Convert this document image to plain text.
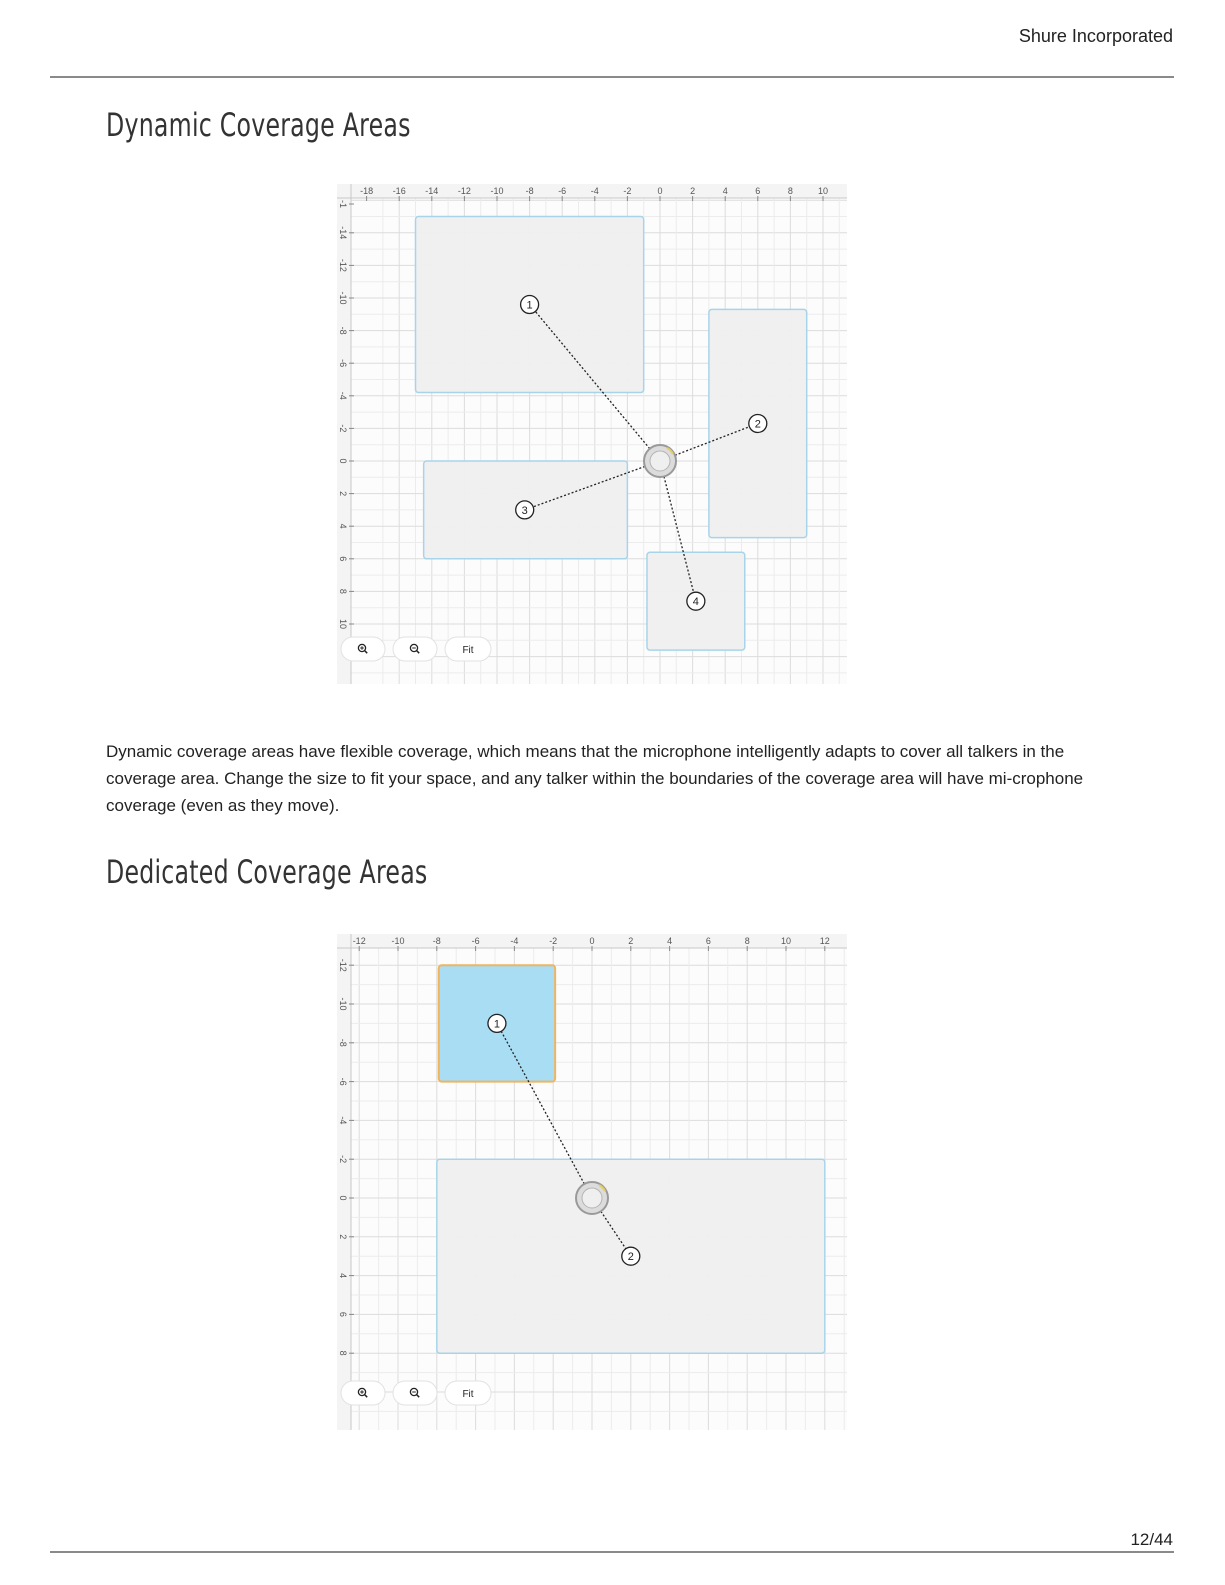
Shure Incorporated
Dynamic Coverage Areas
-18 -16 -14 -12 -10 -8	-6	-4	-2	0	2	4	6	8	10
-1
-14
-12
-10
-8
-6
-4
-2
0
2
4
6
8
10
1
2
3
4
Fit

Dynamic coverage areas have flexible coverage, which means that the microphone intelligently adapts to cover all talkers in the coverage area. Change the size to fit your space, and any talker within the boundaries of the coverage area will have mi-crophone coverage (even as they move).

Dedicated Coverage Areas
-12	-10	-8	-6	-4	-2	0	2	4	6	8	10	12
-12
-10
-8
-6
-4
-2
0
2
4
6
8
1
2
Fit
12/44
